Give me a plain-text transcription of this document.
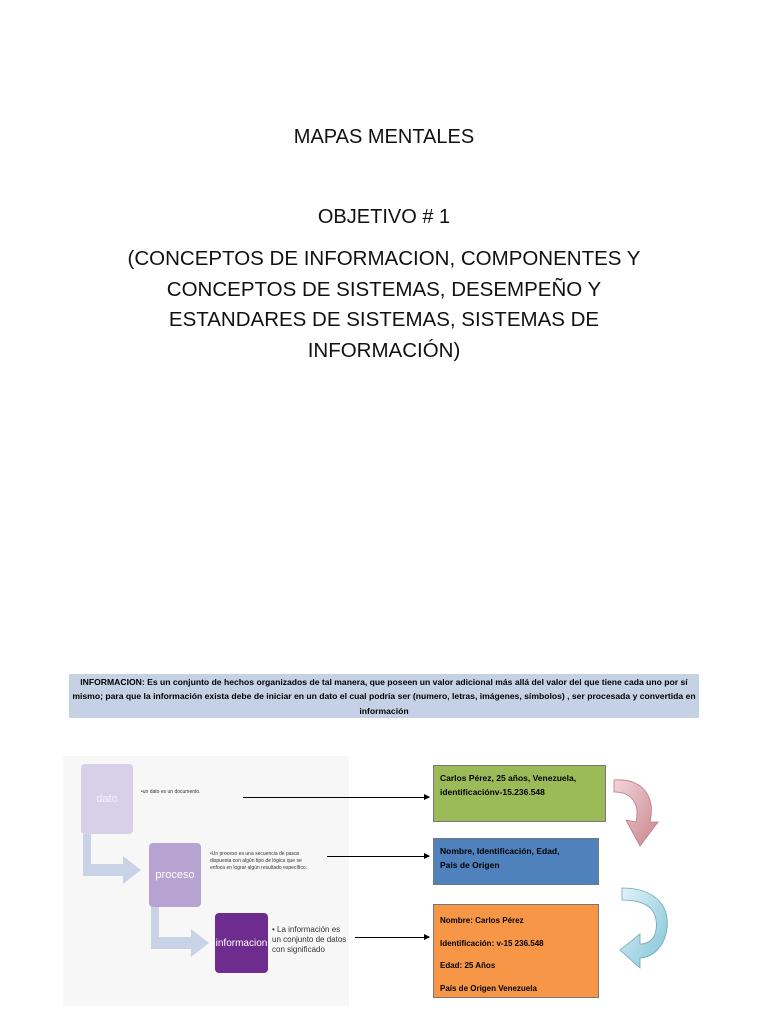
MAPAS MENTALES
OBJETIVO # 1
(CONCEPTOS DE INFORMACION, COMPONENTES Y
CONCEPTOS DE SISTEMAS, DESEMPEÑO Y
ESTANDARES DE SISTEMAS, SISTEMAS DE
INFORMACIÓN)
INFORMACION: Es un conjunto de hechos organizados de tal manera, que poseen un valor adicional más allá del valor del que tiene cada uno por sí mismo; para que la información exista debe de iniciar en un dato el cual podría ser (numero, letras, imágenes, símbolos) , ser procesada y convertida en información
dato
proceso
informacion
•un dato es un documento.
•Un proceso es una secuencia de pasos dispuesta con algún tipo de lógica que se enfoca en lograr algún resultado específico.
• La información es un conjunto de datos con significado
Carlos Pérez, 25 años, Venezuela,
identificaciónv-15.236.548
Nombre, Identificación, Edad,
País de Origen
Nombre: Carlos Pérez
Identificación: v-15 236.548
Edad: 25 Años
País de Origen Venezuela
